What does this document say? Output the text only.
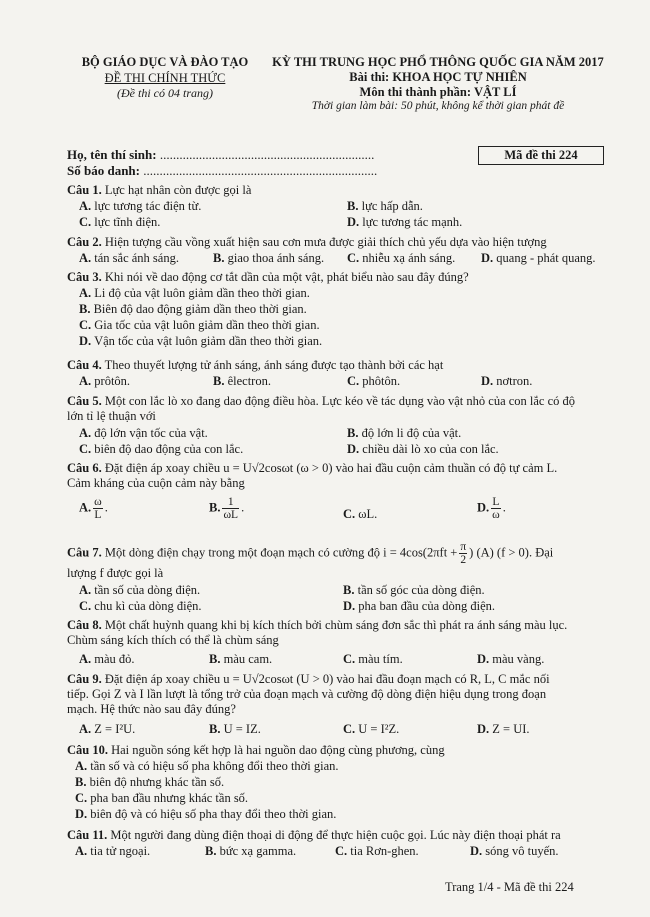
BỘ GIÁO DỤC VÀ ĐÀO TẠO
ĐỀ THI CHÍNH THỨC
(Đề thi có 04 trang)
KỲ THI TRUNG HỌC PHỔ THÔNG QUỐC GIA NĂM 2017
Bài thi: KHOA HỌC TỰ NHIÊN
Môn thi thành phần: VẬT LÍ
Thời gian làm bài: 50 phút, không kể thời gian phát đề
Họ, tên thí sinh: ..................................................................
Số báo danh: ........................................................................
Mã đề thi 224
Câu 1. Lực hạt nhân còn được gọi là
A. lực tương tác điện từ.	B. lực hấp dẫn.
C. lực tĩnh điện.	D. lực tương tác mạnh.
Câu 2. Hiện tượng cầu vồng xuất hiện sau cơn mưa được giải thích chủ yếu dựa vào hiện tượng
A. tán sắc ánh sáng.	B. giao thoa ánh sáng. C. nhiễu xạ ánh sáng. D. quang - phát quang.
Câu 3. Khi nói về dao động cơ tắt dần của một vật, phát biểu nào sau đây đúng?
A. Li độ của vật luôn giảm dần theo thời gian.
B. Biên độ dao động giảm dần theo thời gian.
C. Gia tốc của vật luôn giảm dần theo thời gian.
D. Vận tốc của vật luôn giảm dần theo thời gian.
Câu 4. Theo thuyết lượng tử ánh sáng, ánh sáng được tạo thành bởi các hạt
A. prôtôn.	B. êlectron.	C. phôtôn.	D. nơtron.
Câu 5. Một con lắc lò xo đang dao động điều hòa. Lực kéo về tác dụng vào vật nhỏ của con lắc có độ
lớn tỉ lệ thuận với
A. độ lớn vận tốc của vật.	B. độ lớn li độ của vật.
C. biên độ dao động của con lắc.	D. chiều dài lò xo của con lắc.
Câu 6. Đặt điện áp xoay chiều u = U√2cosωt (ω > 0) vào hai đầu cuộn cảm thuần có độ tự cảm L.
Cảm kháng của cuộn cảm này bằng
A. $\frac{\omega}{L}$ .	B. $\frac{1}{\omega L}$ .	C. ωL.	D. $\frac{L}{\omega}$ .
Câu 7. Một dòng điện chạy trong một đoạn mạch có cường độ $i = 4\cos(2\pi ft + \frac{\pi}{2}$ ) (A) (f > 0). Đại
lượng f được gọi là
A. tần số của dòng điện.	B. tần số góc của dòng điện.
C. chu kì của dòng điện.	D. pha ban đầu của dòng điện.
Câu 8. Một chất huỳnh quang khi bị kích thích bởi chùm sáng đơn sắc thì phát ra ánh sáng màu lục.
Chùm sáng kích thích có thể là chùm sáng
A. màu đỏ.	B. màu cam.	C. màu tím.	D. màu vàng.
Câu 9. Đặt điện áp xoay chiều u = U√2cosωt (U > 0) vào hai đầu đoạn mạch có R, L, C mắc nối
tiếp. Gọi Z và I lần lượt là tổng trở của đoạn mạch và cường độ dòng điện hiệu dụng trong đoạn
mạch. Hệ thức nào sau đây đúng?
A. Z = I²U.	B. U = IZ.	C. U = I²Z.	D. Z = UI.
Câu 10. Hai nguồn sóng kết hợp là hai nguồn dao động cùng phương, cùng
A. tần số và có hiệu số pha không đổi theo thời gian.
B. biên độ nhưng khác tần số.
C. pha ban đầu nhưng khác tần số.
D. biên độ và có hiệu số pha thay đổi theo thời gian.
Câu 11. Một người đang dùng điện thoại di động để thực hiện cuộc gọi. Lúc này điện thoại phát ra
A. tia tử ngoại.	B. bức xạ gamma.	C. tia Rơn-ghen.	D. sóng vô tuyến.
Trang 1/4 - Mã đề thi 224
